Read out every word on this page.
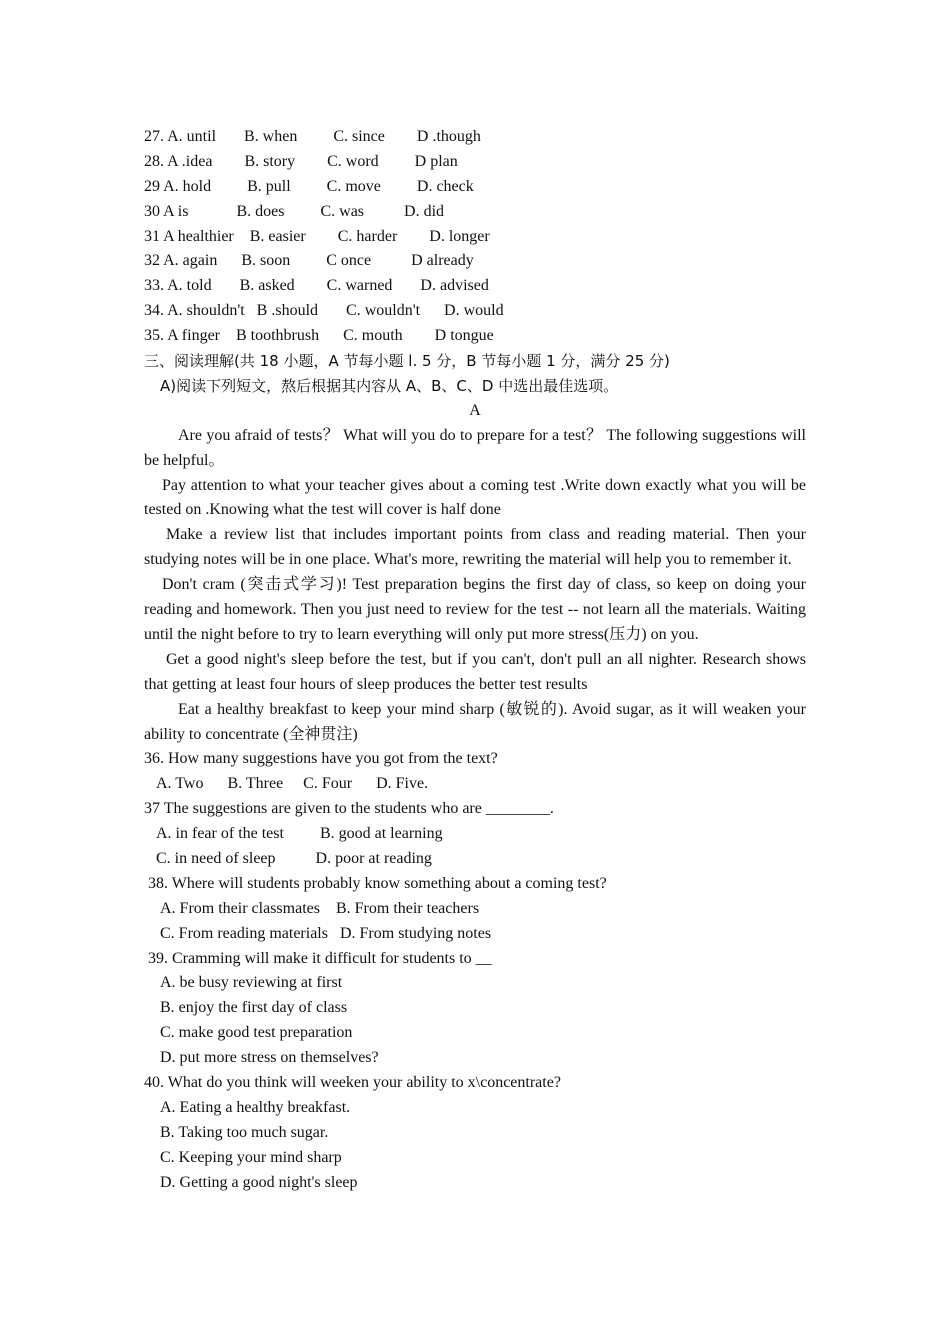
27. A. until       B. when         C. since        D .though
28. A .idea        B. story        C. word         D plan
29 A. hold         B. pull         C. move         D. check
30 A is            B. does         C. was          D. did
31 A healthier    B. easier        C. harder        D. longer
32 A. again      B. soon         C once          D already
33. A. told       B. asked        C. warned       D. advised
34. A. shouldn't   B .should       C. wouldn't      D. would
35. A finger    B toothbrush      C. mouth        D tongue
三、阅读理解(共 18 小题，A 节每小题 l. 5 分，B 节每小题 1 分，满分 25 分)
A)阅读下列短文，熬后根据其内容从 A、B、C、D 中选出最佳选项。
A
Are you afraid of tests？ What will you do to prepare for a test？ The following suggestions will be helpful。
Pay attention to what your teacher gives about a coming test .Write down exactly what you will be tested on .Knowing what the test will cover is half done
Make a review list that includes important points from class and reading material. Then your studying notes will be in one place. What's more, rewriting the material will help you to remember it.
Don't cram (突击式学习)! Test preparation begins the first day of class, so keep on doing your reading and homework. Then you just need to review for the test -- not learn all the materials. Waiting until the night before to try to learn everything will only put more stress(压力) on you.
Get a good night's sleep before the test, but if you can't, don't pull an all nighter. Research shows that getting at least four hours of sleep produces the better test results
Eat a healthy breakfast to keep your mind sharp (敏锐的). Avoid sugar, as it will weaken your ability to concentrate (全神贯注)
36. How many suggestions have you got from the text?
A. Two      B. Three     C. Four      D. Five.
37 The suggestions are given to the students who are ________.
A. in fear of the test         B. good at learning
C. in need of sleep          D. poor at reading
38. Where will students probably know something about a coming test?
A. From their classmates    B. From their teachers
C. From reading materials   D. From studying notes
39. Cramming will make it difficult for students to __
A. be busy reviewing at first
B. enjoy the first day of class
C. make good test preparation
D. put more stress on themselves?
40. What do you think will weeken your ability to x\concentrate?
A. Eating a healthy breakfast.
B. Taking too much sugar.
C. Keeping your mind sharp
D. Getting a good night's sleep
